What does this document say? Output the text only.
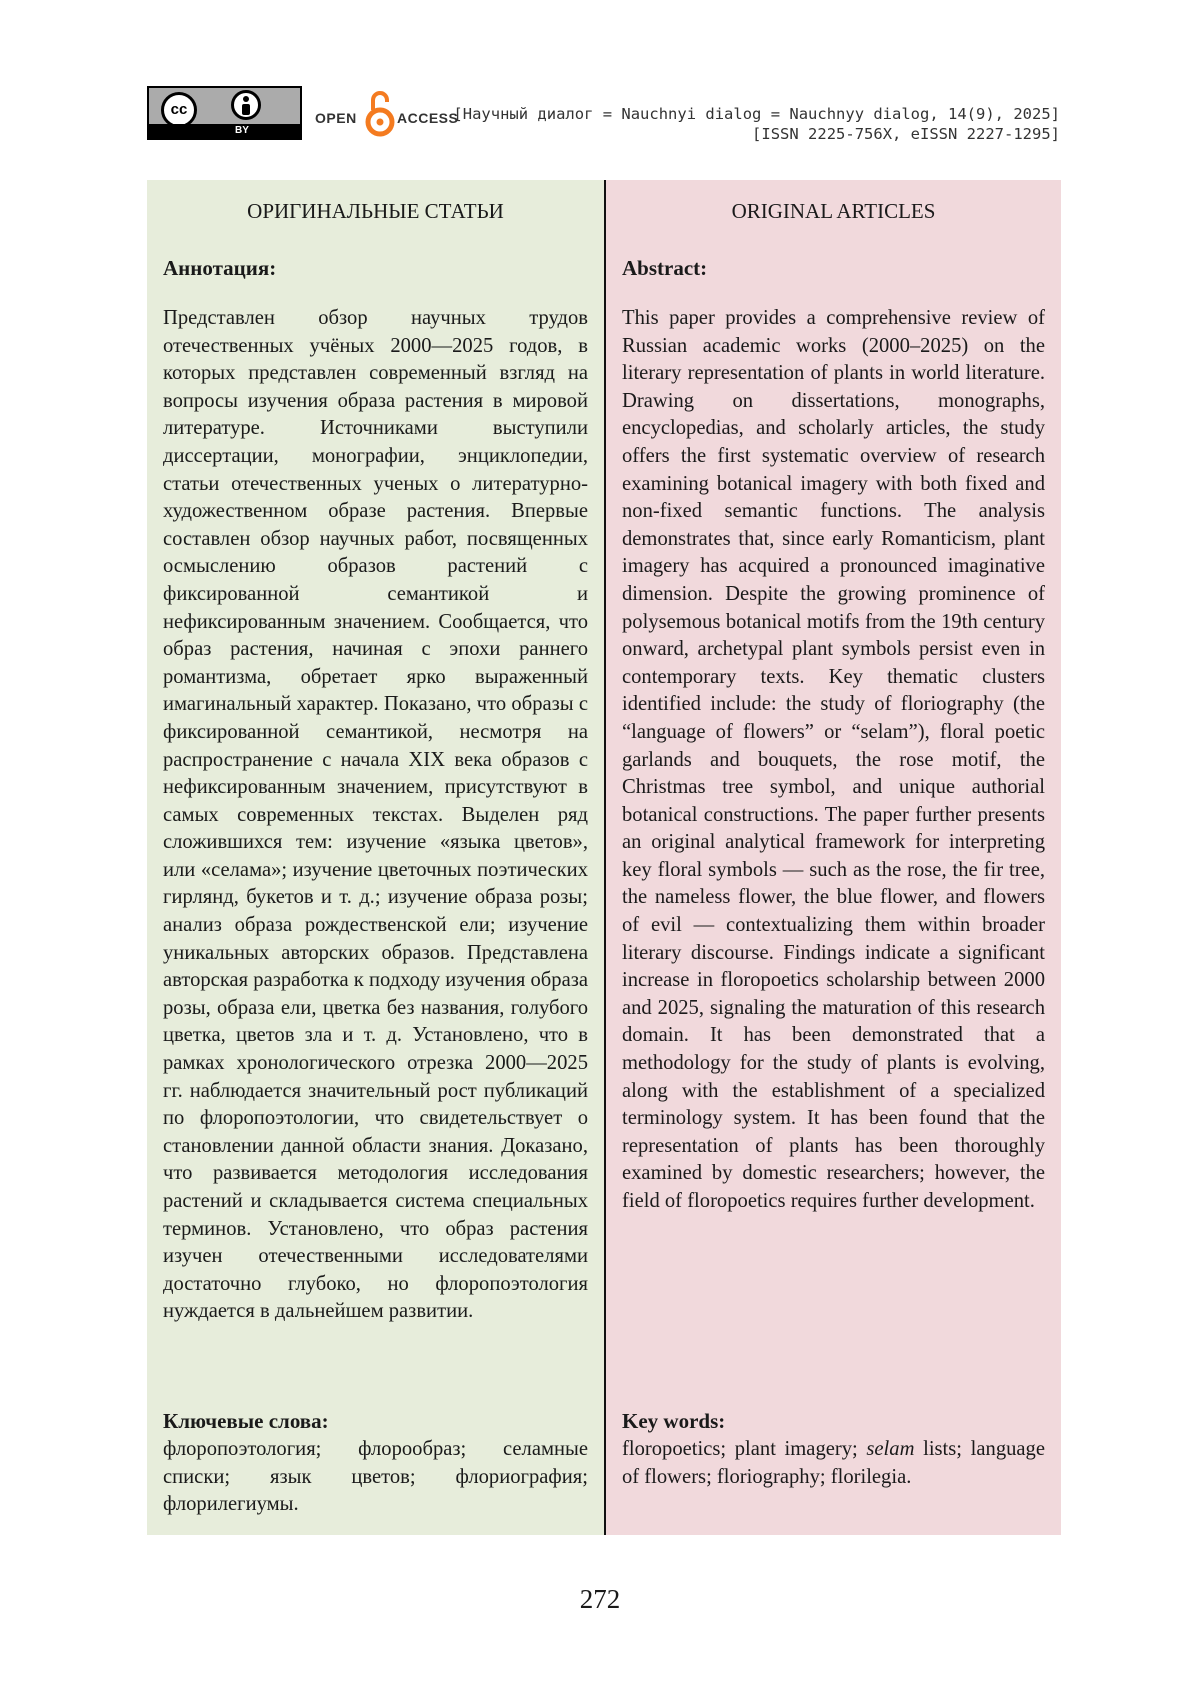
cc
BY
OPEN	ACCESS
[Научный диалог = Nauchnyi dialog = Nauchnyy dialog, 14(9), 2025]
[ISSN 2225-756X, eISSN 2227-1295]

ОРИГИНАЛЬНЫЕ СТАТЬИ

Аннотация:

Представлен обзор научных трудов отечественных учёных 2000—2025 годов, в которых представлен современный взгляд на вопросы изучения образа растения в мировой литературе. Источниками выступили диссертации, монографии, энциклопедии, статьи отечественных ученых о литературно-художественном образе растения. Впервые составлен обзор научных работ, посвященных осмыслению образов растений с фиксированной семантикой и нефиксированным значением. Сообщается, что образ растения, начиная с эпохи раннего романтизма, обретает ярко выраженный имагинальный характер. Показано, что образы с фиксированной семантикой, несмотря на распространение с начала XIX века образов с нефиксированным значением, присутствуют в самых современных текстах. Выделен ряд сложившихся тем: изучение «языка цветов», или «селама»; изучение цветочных поэтических гирлянд, букетов и т. д.; изучение образа розы; анализ образа рождественской ели; изучение уникальных авторских образов. Представлена авторская разработка к подходу изучения образа розы, образа ели, цветка без названия, голубого цветка, цветов зла и т. д. Установлено, что в рамках хронологического отрезка 2000—2025 гг. наблюдается значительный рост публикаций по флоропоэтологии, что свидетельствует о становлении данной области знания. Доказано, что развивается методология исследования растений и складывается система специальных терминов. Установлено, что образ растения изучен отечественными исследователями достаточно глубоко, но флоропоэтология нуждается в дальнейшем развитии.

Ключевые слова:

флоропоэтология; флорообраз; селамные списки; язык цветов; флориография; флорилегиумы.

ORIGINAL ARTICLES

Abstract:

This paper provides a comprehensive review of Russian academic works (2000–2025) on the literary representation of plants in world literature. Drawing on dissertations, monographs, encyclopedias, and scholarly articles, the study offers the first systematic overview of research examining botanical imagery with both fixed and non-fixed semantic functions. The analysis demonstrates that, since early Romanticism, plant imagery has acquired a pronounced imaginative dimension. Despite the growing prominence of polysemous botanical motifs from the 19th century onward, archetypal plant symbols persist even in contemporary texts. Key thematic clusters identified include: the study of floriography (the “language of flowers” or “selam”), floral poetic garlands and bouquets, the rose motif, the Christmas tree symbol, and unique authorial botanical constructions. The paper further presents an original analytical framework for interpreting key floral symbols — such as the rose, the fir tree, the nameless flower, the blue flower, and flowers of evil — contextualizing them within broader literary discourse. Findings indicate a significant increase in floropoetics scholarship between 2000 and 2025, signaling the maturation of this research domain. It has been demonstrated that a methodology for the study of plants is evolving, along with the establishment of a specialized terminology system. It has been found that the representation of plants has been thoroughly examined by domestic researchers; however, the field of floropoetics requires further development.

Key words:

floropoetics; plant imagery; selam lists; language of flowers; floriography; florilegia.

272
